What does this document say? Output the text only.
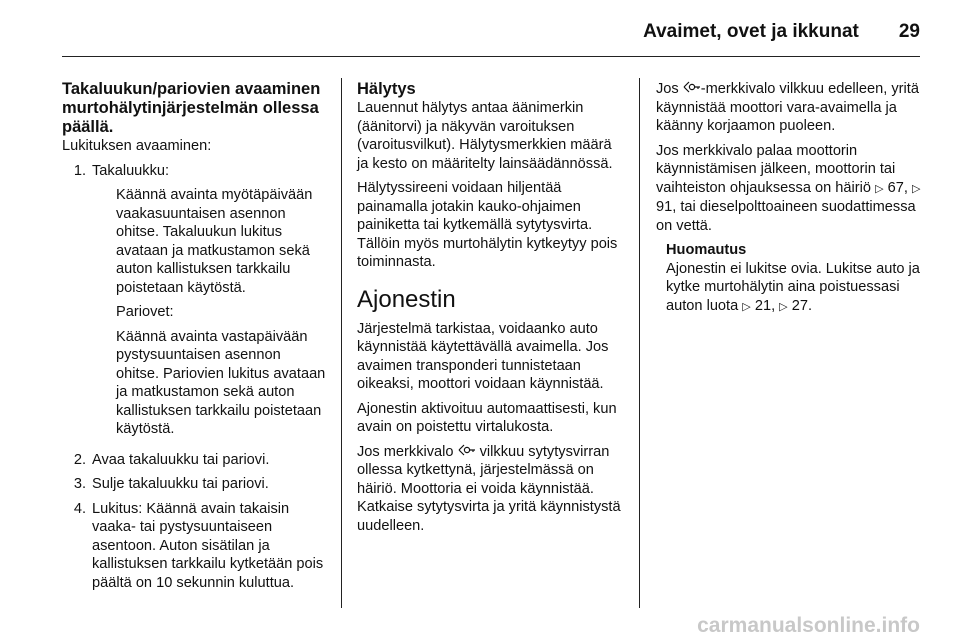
Avaimet, ovet ja ikkunat 29
Takaluukun/pariovien avaaminen murtohälytinjärjestelmän ollessa päällä.

Lukituksen avaaminen:

1. Takaluukku:

Käännä avainta myötäpäivään vaakasuuntaisen asennon ohitse. Takaluukun lukitus avataan ja matkustamon sekä auton kallistuksen tarkkailu poistetaan käytöstä.

Pariovet:

Käännä avainta vastapäivään pystysuuntaisen asennon ohitse. Pariovien lukitus avataan ja matkustamon sekä auton kallistuksen tarkkailu poistetaan käytöstä.

2. Avaa takaluukku tai pariovi.
3. Sulje takaluukku tai pariovi.
4. Lukitus: Käännä avain takaisin vaaka- tai pystysuuntaiseen asentoon. Auton sisätilan ja kallistuksen tarkkailu kytketään pois päältä on 10 sekunnin kuluttua.
Hälytys

Lauennut hälytys antaa äänimerkin (äänitorvi) ja näkyvän varoituksen (varoitusvilkut). Hälytysmerkkien määrä ja kesto on määritelty lainsäädännössä.

Hälytyssireeni voidaan hiljentää painamalla jotakin kauko-ohjaimen painiketta tai kytkemällä sytytysvirta. Tällöin myös murtohälytin kytkeytyy pois toiminnasta.

Ajonestin

Järjestelmä tarkistaa, voidaanko auto käynnistää käytettävällä avaimella. Jos avaimen transponderi tunnistetaan oikeaksi, moottori voidaan käynnistää.

Ajonestin aktivoituu automaattisesti, kun avain on poistettu virtalukosta.

Jos merkkivalo  vilkkuu sytytysvirran ollessa kytkettynä, järjestelmässä on häiriö. Moottoria ei voida käynnistää. Katkaise sytytysvirta ja yritä käynnistystä uudelleen.

Jos -merkkivalo vilkkuu edelleen, yritä käynnistää moottori vara-avaimella ja käänny korjaamon puoleen.

Jos merkkivalo palaa moottorin käynnistämisen jälkeen, moottorin tai vaihteiston ohjauksessa on häiriö ▷ 67, ▷ 91, tai dieselpolttoaineen suodattimessa on vettä.

Huomautus
Ajonestin ei lukitse ovia. Lukitse auto ja kytke murtohälytin aina poistuessasi auton luota ▷ 21, ▷ 27.
carmanualsonline.info
